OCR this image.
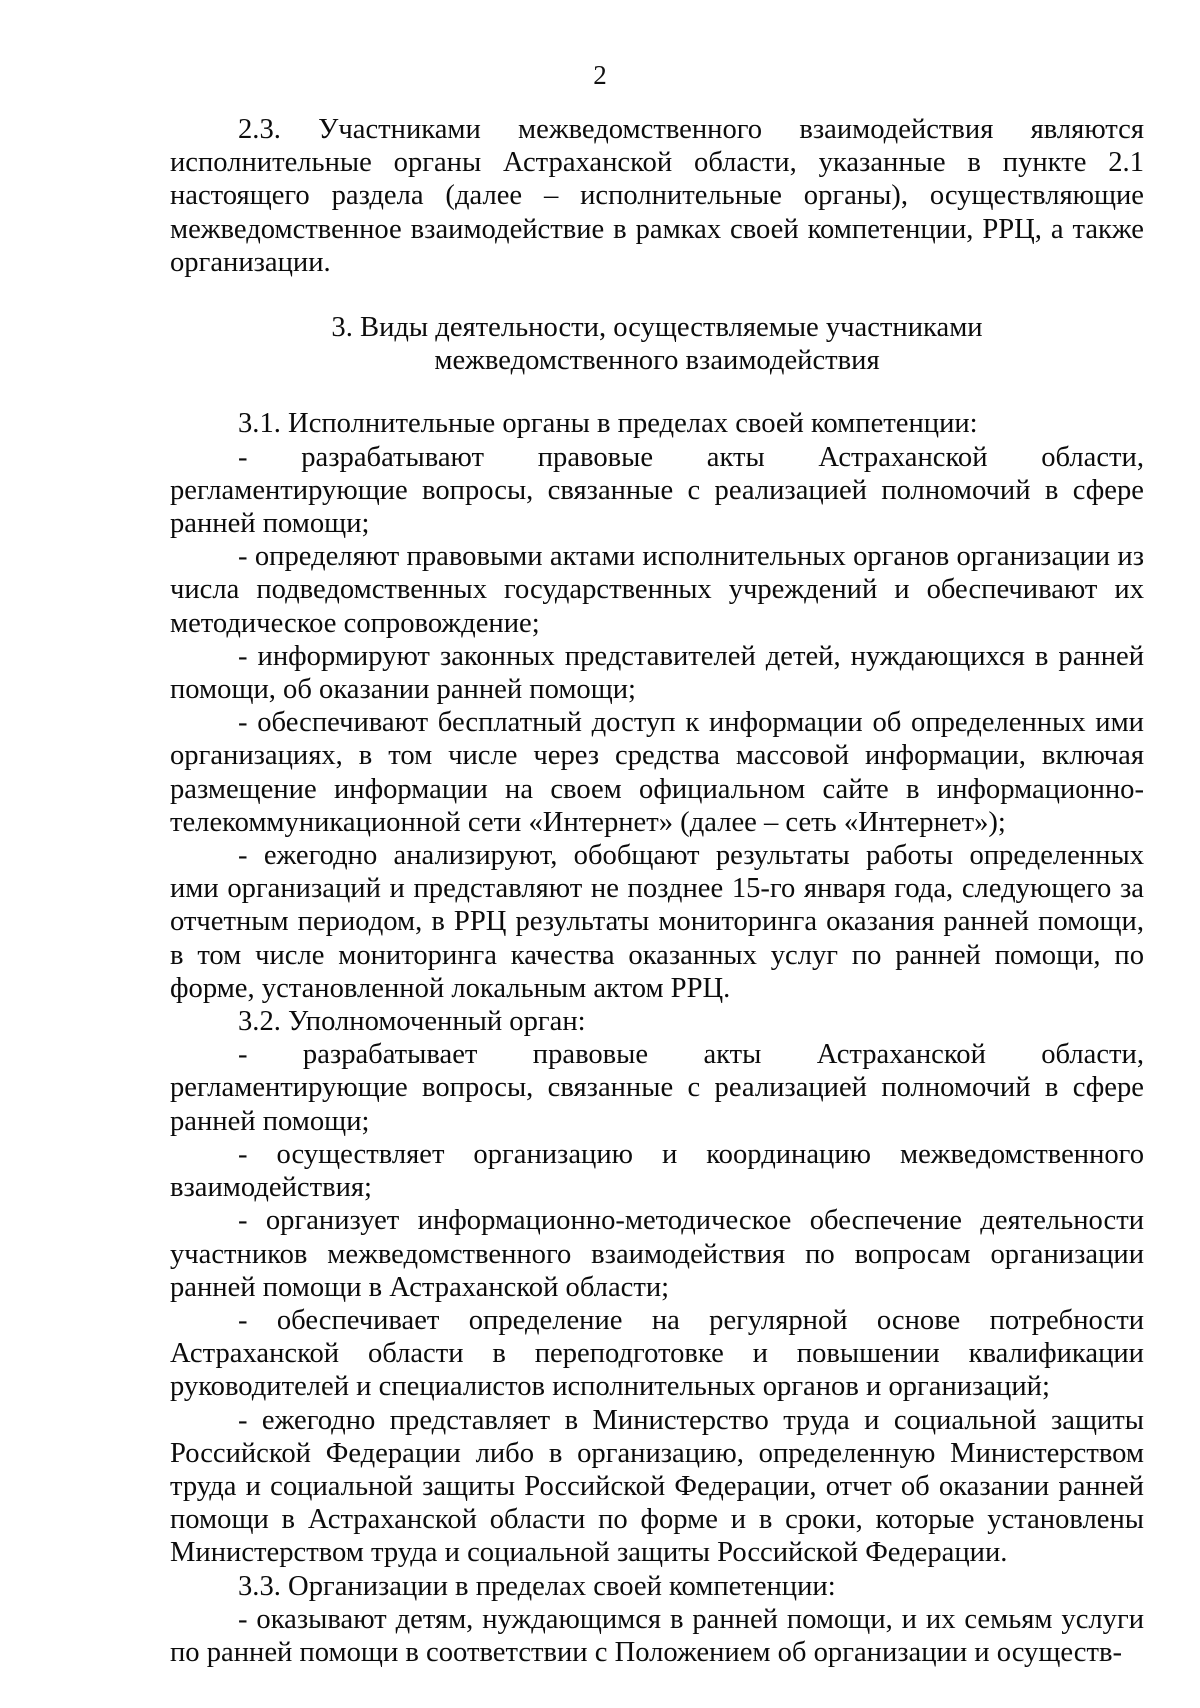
2

2.3. Участниками межведомственного взаимодействия являются исполнительные органы Астраханской области, указанные в пункте 2.1 настоящего раздела (далее – исполнительные органы), осуществляющие межведомственное взаимодействие в рамках своей компетенции, РРЦ, а также организации.

3. Виды деятельности, осуществляемые участниками
межведомственного взаимодействия

3.1. Исполнительные органы в пределах своей компетенции:

- разрабатывают правовые акты Астраханской области, регламентирующие вопросы, связанные с реализацией полномочий в сфере ранней помощи;

- определяют правовыми актами исполнительных органов организации из числа подведомственных государственных учреждений и обеспечивают их методическое сопровождение;

- информируют законных представителей детей, нуждающихся в ранней помощи, об оказании ранней помощи;

- обеспечивают бесплатный доступ к информации об определенных ими организациях, в том числе через средства массовой информации, включая размещение информации на своем официальном сайте в информационно-телекоммуникационной сети «Интернет» (далее – сеть «Интернет»);

- ежегодно анализируют, обобщают результаты работы определенных ими организаций и представляют не позднее 15-го января года, следующего за отчетным периодом, в РРЦ результаты мониторинга оказания ранней помощи, в том числе мониторинга качества оказанных услуг по ранней помощи, по форме, установленной локальным актом РРЦ.

3.2. Уполномоченный орган:

- разрабатывает правовые акты Астраханской области, регламентирующие вопросы, связанные с реализацией полномочий в сфере ранней помощи;

- осуществляет организацию и координацию межведомственного взаимодействия;

- организует информационно-методическое обеспечение деятельности участников межведомственного взаимодействия по вопросам организации ранней помощи в Астраханской области;

- обеспечивает определение на регулярной основе потребности Астраханской области в переподготовке и повышении квалификации руководителей и специалистов исполнительных органов и организаций;

- ежегодно представляет в Министерство труда и социальной защиты Российской Федерации либо в организацию, определенную Министерством труда и социальной защиты Российской Федерации, отчет об оказании ранней помощи в Астраханской области по форме и в сроки, которые установлены Министерством труда и социальной защиты Российской Федерации.

3.3. Организации в пределах своей компетенции:

- оказывают детям, нуждающимся в ранней помощи, и их семьям услуги по ранней помощи в соответствии с Положением об организации и осуществ-
